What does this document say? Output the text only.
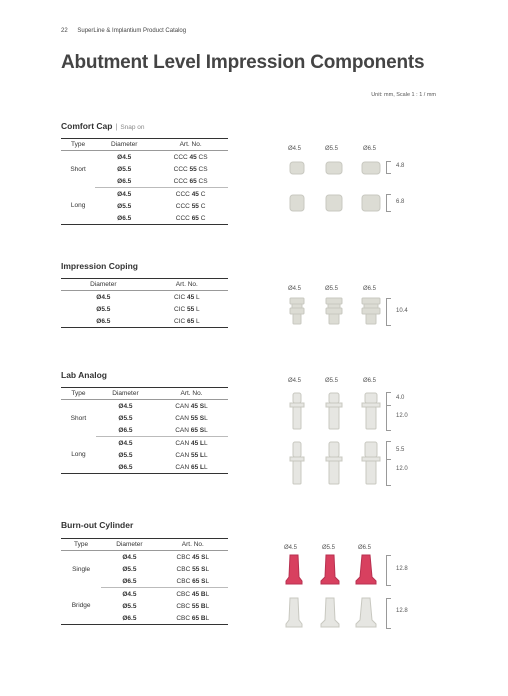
22 SuperLine & Implantium Product Catalog
Abutment Level Impression Components
Unit: mm, Scale 1 : 1 / mm
Comfort Cap | Snap on
Type	Diameter	Art. No.
Short	Ø4.5	CCC 45 CS
	Ø5.5	CCC 55 CS
	Ø6.5	CCC 65 CS
Long	Ø4.5	CCC 45 C
	Ø5.5	CCC 55 C
	Ø6.5	CCC 65 C
Ø4.5	Ø5.5	Ø6.5
4.8
6.8
Impression Coping
Diameter	Art. No.
Ø4.5	CIC 45 L
Ø5.5	CIC 55 L
Ø6.5	CIC 65 L
Ø4.5	Ø5.5	Ø6.5
10.4
Lab Analog
Type	Diameter	Art. No.
Short	Ø4.5	CAN 45 SL
	Ø5.5	CAN 55 SL
	Ø6.5	CAN 65 SL
Long	Ø4.5	CAN 45 LL
	Ø5.5	CAN 55 LL
	Ø6.5	CAN 65 LL
Ø4.5	Ø5.5	Ø6.5
4.0
12.0
5.5
12.0
Burn-out Cylinder
Type	Diameter	Art. No.
Single	Ø4.5	CBC 45 SL
	Ø5.5	CBC 55 SL
	Ø6.5	CBC 65 SL
Bridge	Ø4.5	CBC 45 BL
	Ø5.5	CBC 55 BL
	Ø6.5	CBC 65 BL
Ø4.5	Ø5.5	Ø6.5
12.8
12.8
